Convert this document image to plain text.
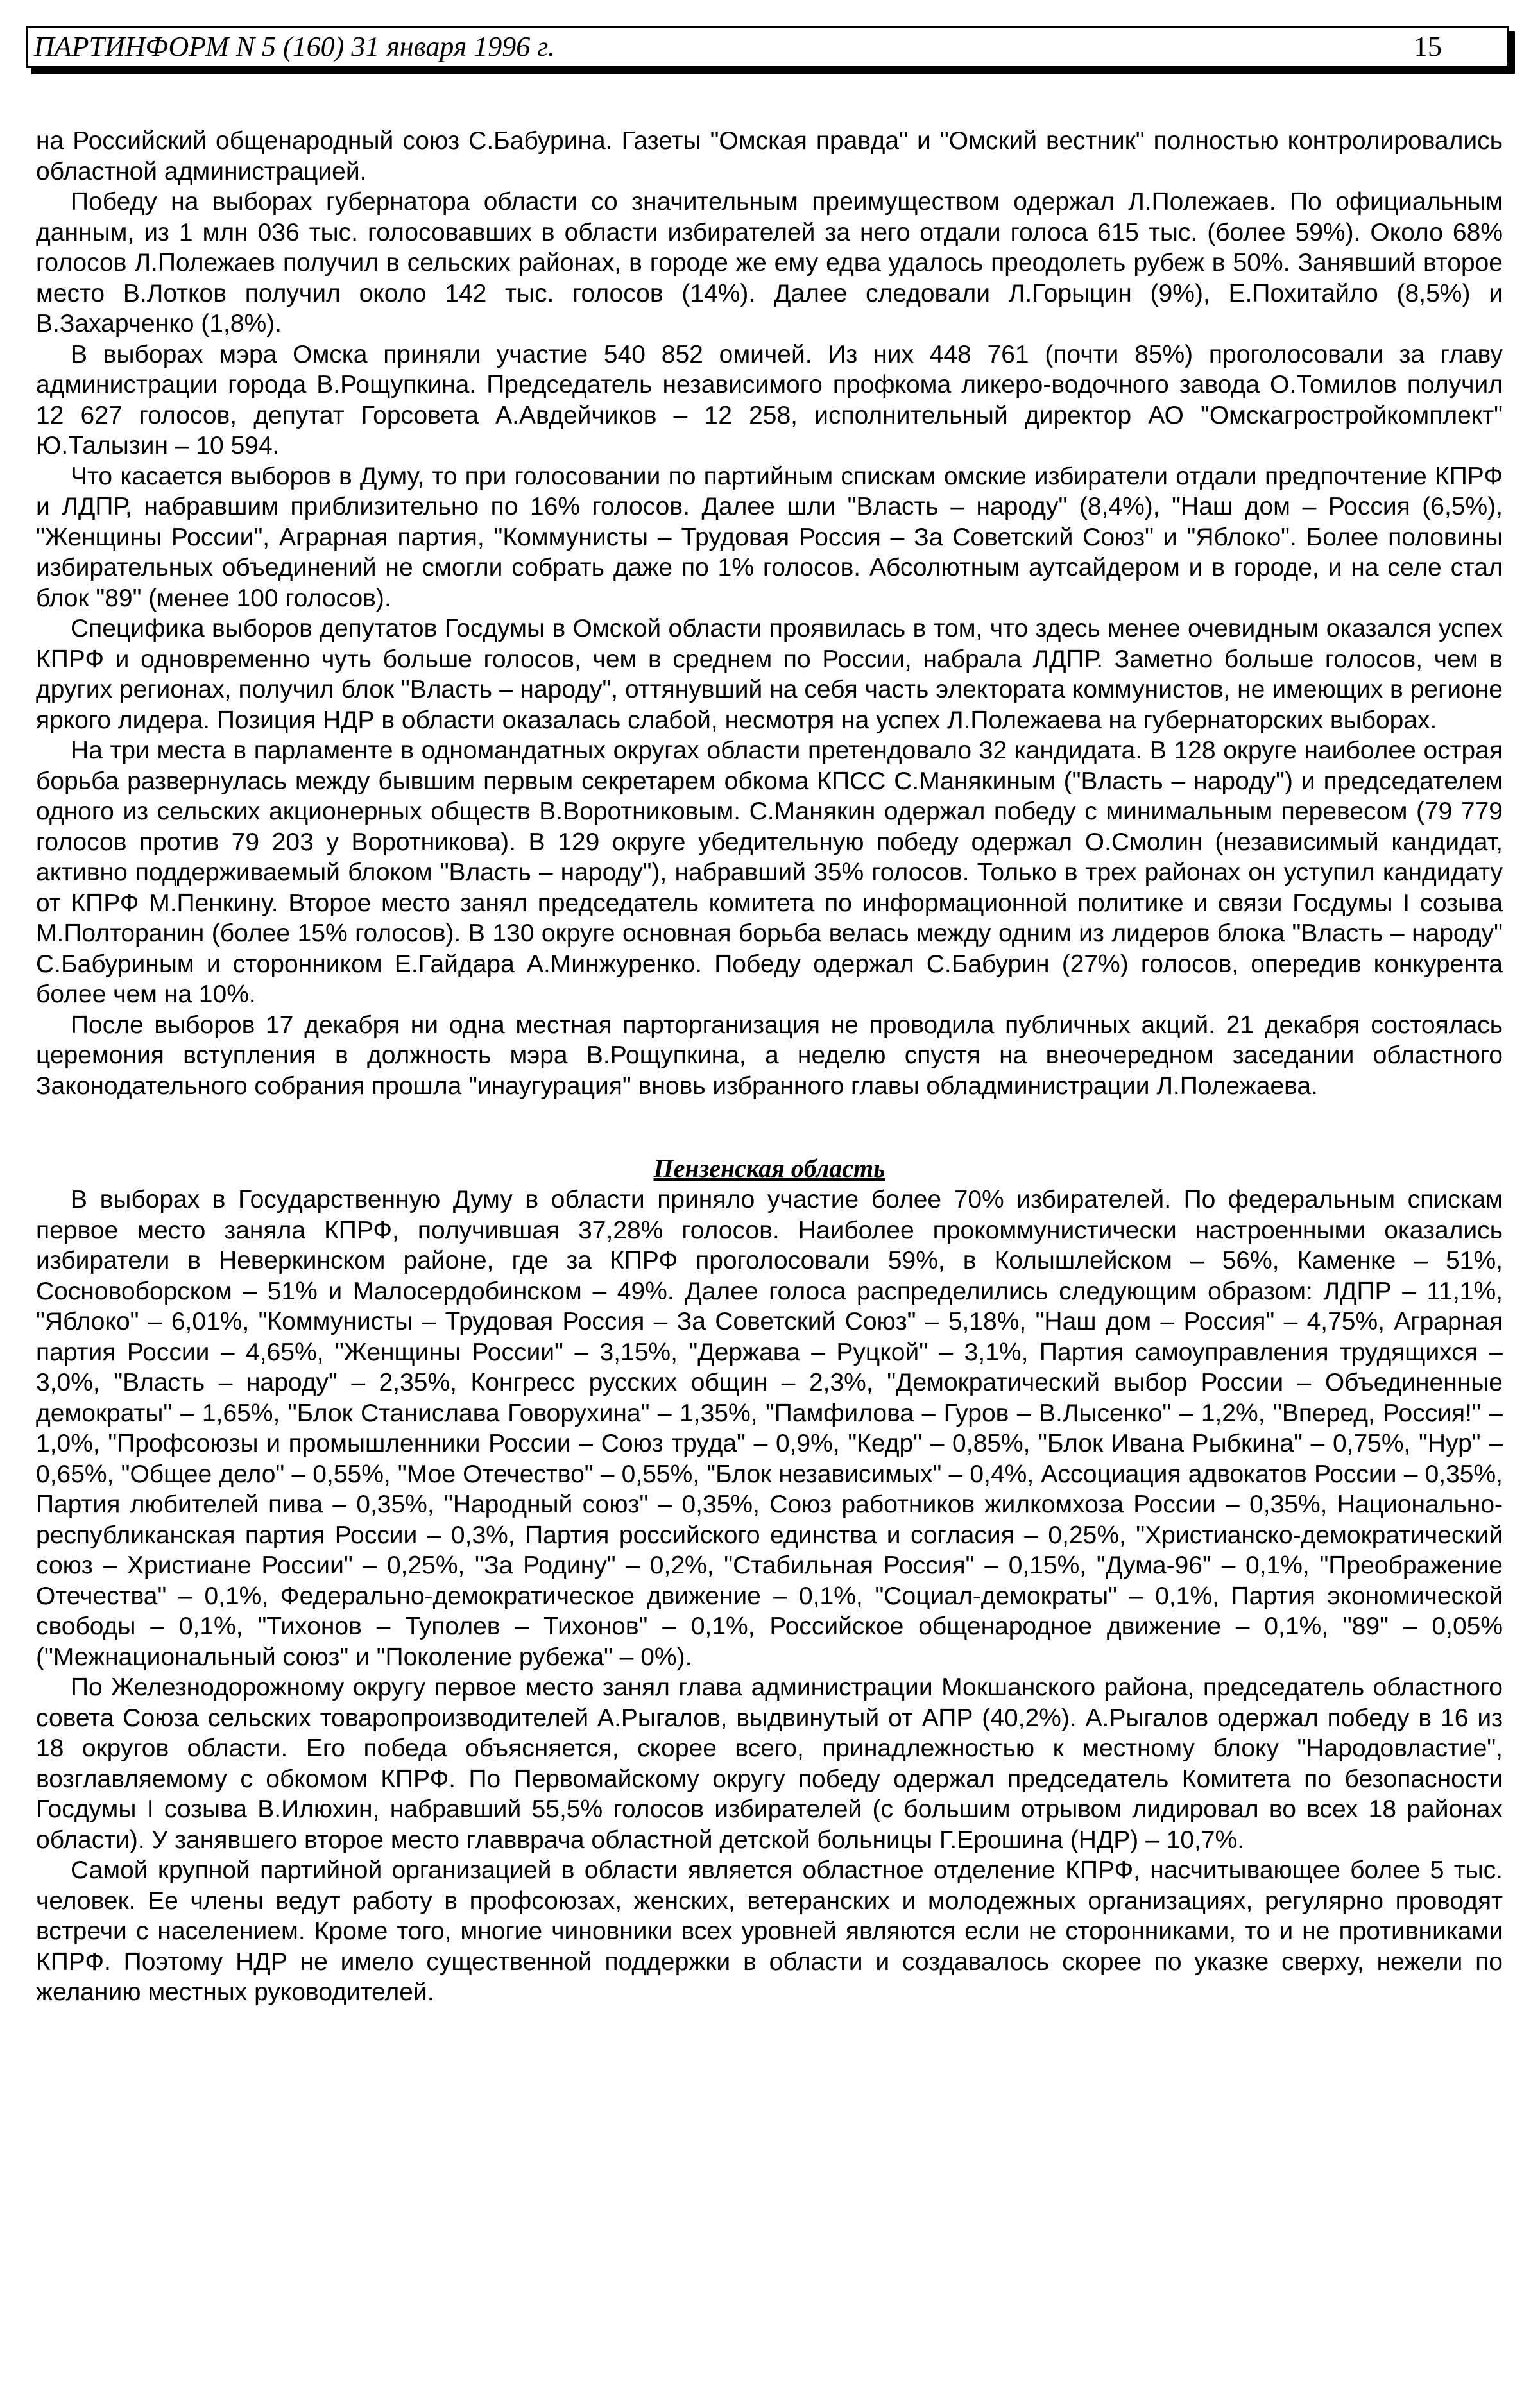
ПАРТИНФОРМ N 5 (160) 31 января 1996 г.	15

на Российский общенародный союз С.Бабурина. Газеты "Омская правда" и "Омский вестник" полностью контролировались областной администрацией.

Победу на выборах губернатора области со значительным преимуществом одержал Л.Полежаев. По официальным данным, из 1 млн 036 тыс. голосовавших в области избирателей за него отдали голоса 615 тыс. (более 59%). Около 68% голосов Л.Полежаев получил в сельских районах, в городе же ему едва удалось преодолеть рубеж в 50%. Занявший второе место В.Лотков получил около 142 тыс. голосов (14%). Далее следовали Л.Горыцин (9%), Е.Похитайло (8,5%) и В.Захарченко (1,8%).

В выборах мэра Омска приняли участие 540 852 омичей. Из них 448 761 (почти 85%) проголосовали за главу администрации города В.Рощупкина. Председатель независимого профкома ликеро-водочного завода О.Томилов получил 12 627 голосов, депутат Горсовета А.Авдейчиков – 12 258, исполнительный директор АО "Омскагростройкомплект" Ю.Талызин – 10 594.

Что касается выборов в Думу, то при голосовании по партийным спискам омские избиратели отдали предпочтение КПРФ и ЛДПР, набравшим приблизительно по 16% голосов. Далее шли "Власть – народу" (8,4%), "Наш дом – Россия (6,5%), "Женщины России", Аграрная партия, "Коммунисты – Трудовая Россия – За Советский Союз" и "Яблоко". Более половины избирательных объединений не смогли собрать даже по 1% голосов. Абсолютным аутсайдером и в городе, и на селе стал блок "89" (менее 100 голосов).

Специфика выборов депутатов Госдумы в Омской области проявилась в том, что здесь менее очевидным оказался успех КПРФ и одновременно чуть больше голосов, чем в среднем по России, набрала ЛДПР. Заметно больше голосов, чем в других регионах, получил блок "Власть – народу", оттянувший на себя часть электората коммунистов, не имеющих в регионе яркого лидера. Позиция НДР в области оказалась слабой, несмотря на успех Л.Полежаева на губернаторских выборах.

На три места в парламенте в одномандатных округах области претендовало 32 кандидата. В 128 округе наиболее острая борьба развернулась между бывшим первым секретарем обкома КПСС С.Манякиным ("Власть – народу") и председателем одного из сельских акционерных обществ В.Воротниковым. С.Манякин одержал победу с минимальным перевесом (79 779 голосов против 79 203 у Воротникова). В 129 округе убедительную победу одержал О.Смолин (независимый кандидат, активно поддерживаемый блоком "Власть – народу"), набравший 35% голосов. Только в трех районах он уступил кандидату от КПРФ М.Пенкину. Второе место занял председатель комитета по информационной политике и связи Госдумы I созыва М.Полторанин (более 15% голосов). В 130 округе основная борьба велась между одним из лидеров блока "Власть – народу" С.Бабуриным и сторонником Е.Гайдара А.Минжуренко. Победу одержал С.Бабурин (27%) голосов, опередив конкурента более чем на 10%.

После выборов 17 декабря ни одна местная парторганизация не проводила публичных акций. 21 декабря состоялась церемония вступления в должность мэра В.Рощупкина, а неделю спустя на внеочередном заседании областного Законодательного собрания прошла "инаугурация" вновь избранного главы обладминистрации Л.Полежаева.

Пензенская область

В выборах в Государственную Думу в области приняло участие более 70% избирателей. По федеральным спискам первое место заняла КПРФ, получившая 37,28% голосов. Наиболее прокоммунистически настроенными оказались избиратели в Неверкинском районе, где за КПРФ проголосовали 59%, в Колышлейском – 56%, Каменке – 51%, Сосновоборском – 51% и Малосердобинском – 49%. Далее голоса распределились следующим образом: ЛДПР – 11,1%, "Яблоко" – 6,01%, "Коммунисты – Трудовая Россия – За Советский Союз" – 5,18%, "Наш дом – Россия" – 4,75%, Аграрная партия России – 4,65%, "Женщины России" – 3,15%, "Держава – Руцкой" – 3,1%, Партия самоуправления трудящихся – 3,0%, "Власть – народу" – 2,35%, Конгресс русских общин – 2,3%, "Демократический выбор России – Объединенные демократы" – 1,65%, "Блок Станислава Говорухина" – 1,35%, "Памфилова – Гуров – В.Лысенко" – 1,2%, "Вперед, Россия!" – 1,0%, "Профсоюзы и промышленники России – Союз труда" – 0,9%, "Кедр" – 0,85%, "Блок Ивана Рыбкина" – 0,75%, "Нур" – 0,65%, "Общее дело" – 0,55%, "Мое Отечество" – 0,55%, "Блок независимых" – 0,4%, Ассоциация адвокатов России – 0,35%, Партия любителей пива – 0,35%, "Народный союз" – 0,35%, Союз работников жилкомхоза России – 0,35%, Национально-республиканская партия России – 0,3%, Партия российского единства и согласия – 0,25%, "Христианско-демократический союз – Христиане России" – 0,25%, "За Родину" – 0,2%, "Стабильная Россия" – 0,15%, "Дума-96" – 0,1%, "Преображение Отечества" – 0,1%, Федерально-демократическое движение – 0,1%, "Социал-демократы" – 0,1%, Партия экономической свободы – 0,1%, "Тихонов – Туполев – Тихонов" – 0,1%, Российское общенародное движение – 0,1%, "89" – 0,05% ("Межнациональный союз" и "Поколение рубежа" – 0%).

По Железнодорожному округу первое место занял глава администрации Мокшанского района, председатель областного совета Союза сельских товаропроизводителей А.Рыгалов, выдвинутый от АПР (40,2%). А.Рыгалов одержал победу в 16 из 18 округов области. Его победа объясняется, скорее всего, принадлежностью к местному блоку "Народовластие", возглавляемому с обкомом КПРФ. По Первомайскому округу победу одержал председатель Комитета по безопасности Госдумы I созыва В.Илюхин, набравший 55,5% голосов избирателей (с большим отрывом лидировал во всех 18 районах области). У занявшего второе место главврача областной детской больницы Г.Ерошина (НДР) – 10,7%.

Самой крупной партийной организацией в области является областное отделение КПРФ, насчитывающее более 5 тыс. человек. Ее члены ведут работу в профсоюзах, женских, ветеранских и молодежных организациях, регулярно проводят встречи с населением. Кроме того, многие чиновники всех уровней являются если не сторонниками, то и не противниками КПРФ. Поэтому НДР не имело существенной поддержки в области и создавалось скорее по указке сверху, нежели по желанию местных руководителей.
